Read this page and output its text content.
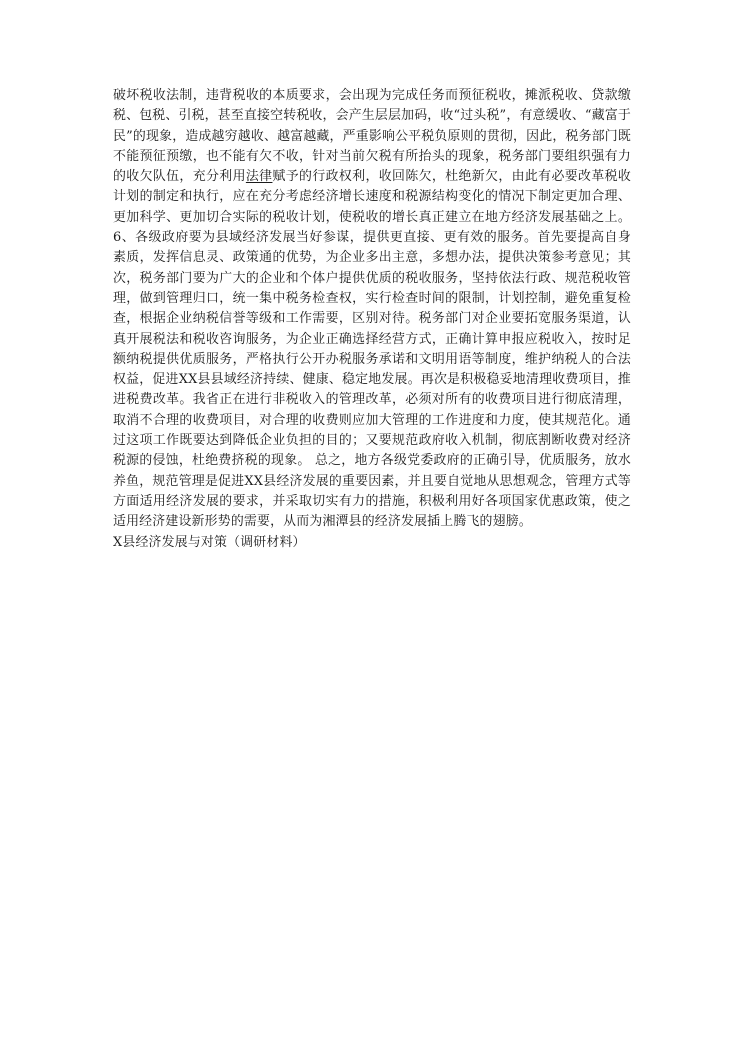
破坏税收法制，违背税收的本质要求，会出现为完成任务而预征税收，摊派税收、贷款缴税、包税、引税，甚至直接空转税收，会产生层层加码，收“过头税”，有意缓收、“藏富于民”的现象，造成越穷越收、越富越藏，严重影响公平税负原则的贯彻，因此，税务部门既不能预征预缴，也不能有欠不收，针对当前欠税有所抬头的现象，税务部门要组织强有力的收欠队伍，充分利用法律赋予的行政权利，收回陈欠，杜绝新欠，由此有必要改革税收计划的制定和执行，应在充分考虑经济增长速度和税源结构变化的情况下制定更加合理、更加科学、更加切合实际的税收计划，使税收的增长真正建立在地方经济发展基础之上。 6、各级政府要为县域经济发展当好参谋，提供更直接、更有效的服务。首先要提高自身素质，发挥信息灵、政策通的优势，为企业多出主意，多想办法，提供决策参考意见；其次，税务部门要为广大的企业和个体户提供优质的税收服务，坚持依法行政、规范税收管理，做到管理归口，统一集中税务检查权，实行检查时间的限制，计划控制，避免重复检查，根据企业纳税信誉等级和工作需要，区别对待。税务部门对企业要拓宽服务渠道，认真开展税法和税收咨询服务，为企业正确选择经营方式，正确计算申报应税收入，按时足额纳税提供优质服务，严格执行公开办税服务承诺和文明用语等制度，维护纳税人的合法权益，促进XX县县域经济持续、健康、稳定地发展。再次是积极稳妥地清理收费项目，推进税费改革。我省正在进行非税收入的管理改革，必须对所有的收费项目进行彻底清理，取消不合理的收费项目，对合理的收费则应加大管理的工作进度和力度，使其规范化。通过这项工作既要达到降低企业负担的目的；又要规范政府收入机制，彻底割断收费对经济税源的侵蚀，杜绝费挤税的现象。 总之，地方各级党委政府的正确引导，优质服务，放水养鱼，规范管理是促进XX县经济发展的重要因素，并且要自觉地从思想观念，管理方式等方面适用经济发展的要求，并采取切实有力的措施，积极利用好各项国家优惠政策，使之适用经济建设新形势的需要，从而为湘潭县的经济发展插上腾飞的翅膀。

X县经济发展与对策（调研材料）
